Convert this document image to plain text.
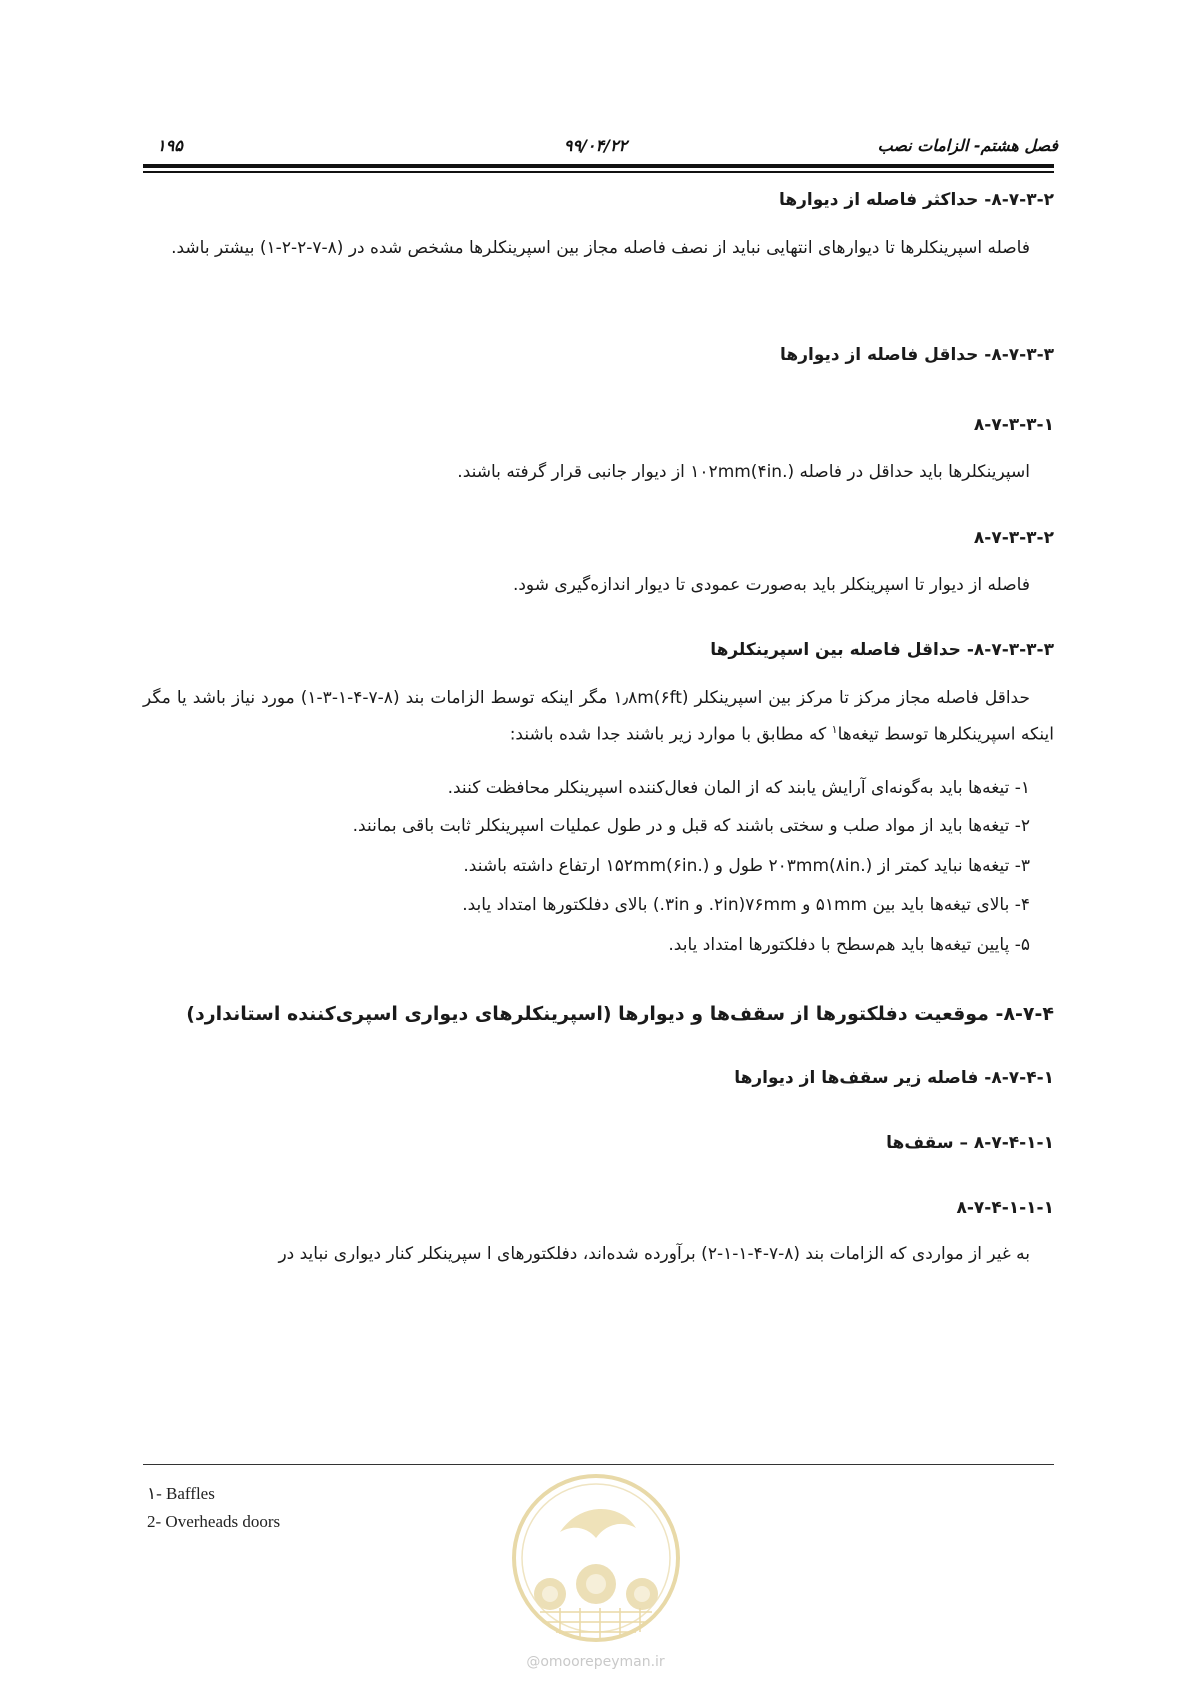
فصل هشتم- الزامات نصب
۹۹/۰۴/۲۲
۱۹۵
۸-۷-۳-۲- حداکثر فاصله از دیوارها
فاصله اسپرینکلرها تا دیوارهای انتهایی نباید از نصف فاصله مجاز بین اسپرینکلرها مشخص شده در (۸-۷-۲-۲-۱) بیشتر باشد.
۸-۷-۳-۳- حداقل فاصله از دیوارها
۸-۷-۳-۳-۱
اسپرینکلرها باید حداقل در فاصله ۱۰۲mm(۴in.) از دیوار جانبی قرار گرفته باشند.
۸-۷-۳-۳-۲
فاصله از دیوار تا اسپرینکلر باید به‌صورت عمودی تا دیوار اندازه‌گیری شود.
۸-۷-۳-۳-۳- حداقل فاصله بین اسپرینکلرها
حداقل فاصله مجاز مرکز تا مرکز بین اسپرینکلر ۱٫۸m(۶ft) مگر اینکه توسط الزامات بند (۸-۷-۴-۱-۳-۱) مورد نیاز باشد یا مگر اینکه اسپرینکلرها توسط تیغه‌ها$^۱$ که مطابق با موارد زیر باشند جدا شده باشند:
۱- تیغه‌ها باید به‌گونه‌ای آرایش یابند که از المان فعال‌کننده اسپرینکلر محافظت کنند.
۲- تیغه‌ها باید از مواد صلب و سختی باشند که قبل و در طول عملیات اسپرینکلر ثابت باقی بمانند.
۳- تیغه‌ها نباید کمتر از ۲۰۳mm(۸in.) طول و ۱۵۲mm(۶in.) ارتفاع داشته باشند.
۴- بالای تیغه‌ها باید بین ۵۱mm و ۷۶mm(۲in. و ۳in.) بالای دفلکتورها امتداد یابد.
۵- پایین تیغه‌ها باید هم‌سطح با دفلکتورها امتداد یابد.
۸-۷-۴- موقعیت دفلکتورها از سقف‌ها و دیوارها (اسپرینکلرهای دیواری اسپری‌کننده استاندارد)
۸-۷-۴-۱- فاصله زیر سقف‌ها از دیوارها
۸-۷-۴-۱-۱ – سقف‌ها
۸-۷-۴-۱-۱-۱
به غیر از مواردی که الزامات بند (۸-۷-۴-۱-۱-۲) برآورده شده‌اند، دفلکتورهای ا سپرینکلر کنار دیواری نباید در
۱- Baffles
2- Overheads doors
@omoorepeyman.ir
